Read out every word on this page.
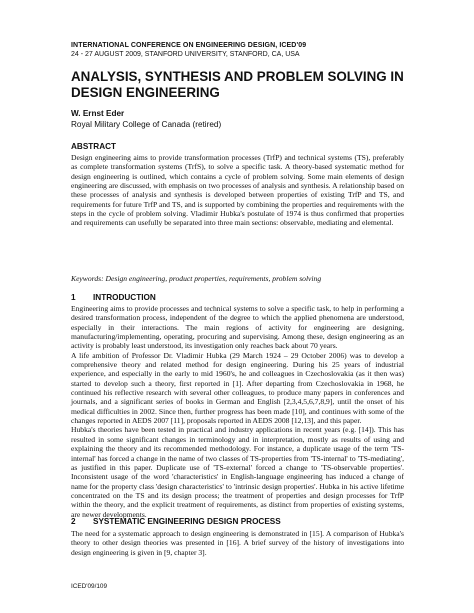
INTERNATIONAL CONFERENCE ON ENGINEERING DESIGN, ICED'09
24 - 27 AUGUST 2009, STANFORD UNIVERSITY, STANFORD, CA, USA
ANALYSIS, SYNTHESIS AND PROBLEM SOLVING IN DESIGN ENGINEERING
W. Ernst Eder
Royal Military College of Canada (retired)
ABSTRACT

Design engineering aims to provide transformation processes (TrfP) and technical systems (TS), preferably as complete transformation systems (TrfS), to solve a specific task. A theory-based systematic method for design engineering is outlined, which contains a cycle of problem solving. Some main elements of design engineering are discussed, with emphasis on two processes of analysis and synthesis. A relationship based on these processes of analysis and synthesis is developed between properties of existing TrfP and TS, and requirements for future TrfP and TS, and is supported by combining the properties and requirements with the steps in the cycle of problem solving. Vladimir Hubka's postulate of 1974 is thus confirmed that properties and requirements can usefully be separated into three main sections: observable, mediating and elemental.

Keywords: Design engineering, product properties, requirements, problem solving
1 INTRODUCTION

Engineering aims to provide processes and technical systems to solve a specific task, to help in performing a desired transformation process, independent of the degree to which the applied phenomena are understood, especially in their interactions. The main regions of activity for engineering are designing, manufacturing/implementing, operating, procuring and supervising. Among these, design engineering as an activity is probably least understood, its investigation only reaches back about 70 years.

A life ambition of Professor Dr. Vladimir Hubka (29 March 1924 – 29 October 2006) was to develop a comprehensive theory and related method for design engineering. During his 25 years of industrial experience, and especially in the early to mid 1960's, he and colleagues in Czechoslovakia (as it then was) started to develop such a theory, first reported in [1]. After departing from Czechoslovakia in 1968, he continued his reflective research with several other colleagues, to produce many papers in conferences and journals, and a significant series of books in German and English [2,3,4,5,6,7,8,9], until the onset of his medical difficulties in 2002. Since then, further progress has been made [10], and continues with some of the changes reported in AEDS 2007 [11], proposals reported in AEDS 2008 [12,13], and this paper.

Hubka's theories have been tested in practical and industry applications in recent years (e.g. [14]). This has resulted in some significant changes in terminology and in interpretation, mostly as results of using and explaining the theory and its recommended methodology. For instance, a duplicate usage of the term 'TS-internal' has forced a change in the name of two classes of TS-properties from 'TS-internal' to 'TS-mediating', as justified in this paper. Duplicate use of 'TS-external' forced a change to 'TS-observable properties'. Inconsistent usage of the word 'characteristics' in English-language engineering has induced a change of name for the property class 'design characteristics' to 'intrinsic design properties'. Hubka in his active lifetime concentrated on the TS and its design process; the treatment of properties and design processes for TrfP within the theory, and the explicit treatment of requirements, as distinct from properties of existing systems, are newer developments.

2 SYSTEMATIC ENGINEERING DESIGN PROCESS

The need for a systematic approach to design engineering is demonstrated in [15]. A comparison of Hubka's theory to other design theories was presented in [16]. A brief survey of the history of investigations into design engineering is given in [9, chapter 3].

ICED'09/109
